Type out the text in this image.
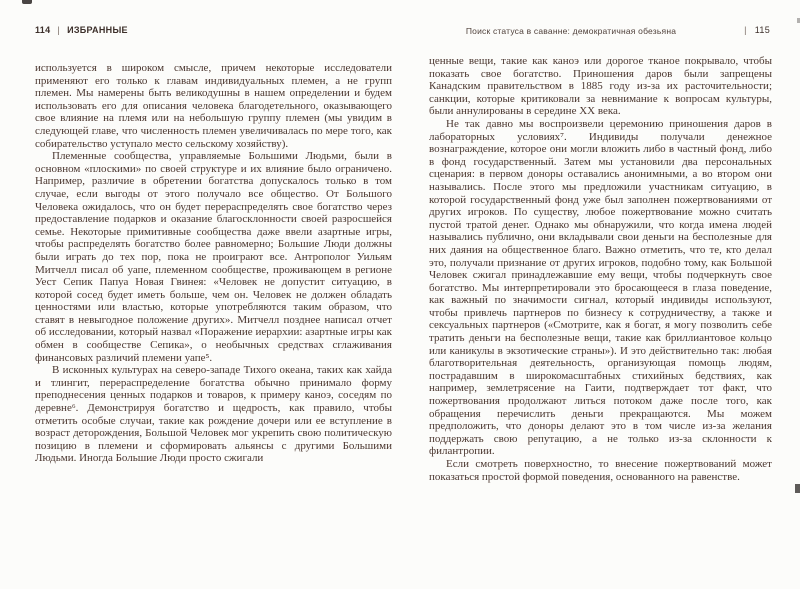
114 | ИЗБРАННЫЕ	Поиск статуса в саванне: демократичная обезьяна	| 115

используется в широком смысле, причем некоторые исследователи применяют его только к главам индивидуальных племен, а не групп племен. Мы намерены быть великодушны в нашем определении и будем использовать его для описания человека благодетельного, оказывающего свое влияние на племя или на небольшую группу племен (мы увидим в следующей главе, что численность племен увеличивалась по мере того, как собирательство уступало место сельскому хозяйству).

Племенные сообщества, управляемые Большими Людьми, были в основном «плоскими» по своей структуре и их влияние было ограничено. Например, различие в обретении богатства допускалось только в том случае, если выгоды от этого получало все общество. От Большого Человека ожидалось, что он будет перераспределять свое богатство через предоставление подарков и оказание благосклонности своей разросшейся семье. Некоторые примитивные сообщества даже ввели азартные игры, чтобы распределять богатство более равномерно; Большие Люди должны были играть до тех пор, пока не проиграют все. Антрополог Уильям Митчелл писал об уапе, племенном сообществе, проживающем в регионе Уест Сепик Папуа Новая Гвинея: «Человек не допустит ситуацию, в которой сосед будет иметь больше, чем он. Человек не должен обладать ценностями или властью, которые употребляются таким образом, что ставят в невыгодное положение других». Митчелл позднее написал отчет об исследовании, который назвал «Поражение иерархии: азартные игры как обмен в сообществе Сепика», о необычных средствах сглаживания финансовых различий племени уапе⁵.

В исконных культурах на северо-западе Тихого океана, таких как хайда и тлингит, перераспределение богатства обычно принимало форму преподнесения ценных подарков и товаров, к примеру каноэ, соседям по деревне⁶. Демонстрируя богатство и щедрость, как правило, чтобы отметить особые случаи, такие как рождение дочери или ее вступление в возраст деторождения, Большой Человек мог укрепить свою политическую позицию в племени и сформировать альянсы с другими Большими Людьми. Иногда Большие Люди просто сжигали

ценные вещи, такие как каноэ или дорогое тканое покрывало, чтобы показать свое богатство. Приношения даров были запрещены Канадским правительством в 1885 году из-за их расточительности; санкции, которые критиковали за невнимание к вопросам культуры, были аннулированы в середине XX века.

Не так давно мы воспроизвели церемонию приношения даров в лабораторных условиях⁷. Индивиды получали денежное вознаграждение, которое они могли вложить либо в частный фонд, либо в фонд государственный. Затем мы установили два персональных сценария: в первом доноры оставались анонимными, а во втором они назывались. После этого мы предложили участникам ситуацию, в которой государственный фонд уже был заполнен пожертвованиями от других игроков. По существу, любое пожертвование можно считать пустой тратой денег. Однако мы обнаружили, что когда имена людей назывались публично, они вкладывали свои деньги на бесполезные для них даяния на общественное благо. Важно отметить, что те, кто делал это, получали признание от других игроков, подобно тому, как Большой Человек сжигал принадлежавшие ему вещи, чтобы подчеркнуть свое богатство. Мы интерпретировали это бросающееся в глаза поведение, как важный по значимости сигнал, который индивиды используют, чтобы привлечь партнеров по бизнесу к сотрудничеству, а также и сексуальных партнеров («Смотрите, как я богат, я могу позволить себе тратить деньги на бесполезные вещи, такие как бриллиантовое кольцо или каникулы в экзотические страны»). И это действительно так: любая благотворительная деятельность, организующая помощь людям, пострадавшим в широкомасштабных стихийных бедствиях, как например, землетрясение на Гаити, подтверждает тот факт, что пожертвования продолжают литься потоком даже после того, как обращения перечислить деньги прекращаются. Мы можем предположить, что доноры делают это в том числе из-за желания поддержать свою репутацию, а не только из-за склонности к филантропии.

Если смотреть поверхностно, то внесение пожертвований может показаться простой формой поведения, основанного на равенстве.
